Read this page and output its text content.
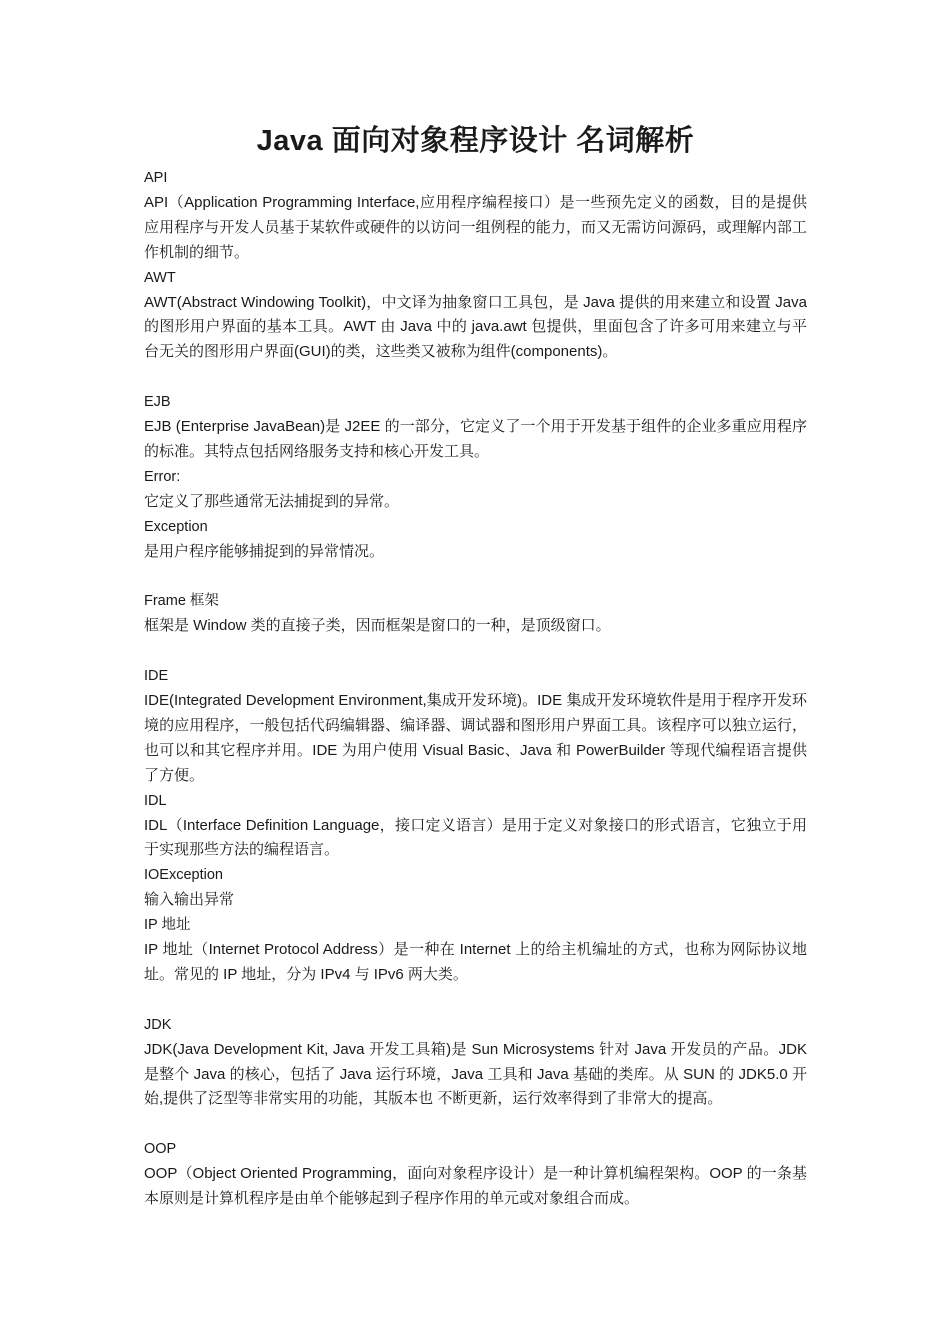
Java 面向对象程序设计 名词解析

API

API（Application Programming Interface,应用程序编程接口）是一些预先定义的函数，目的是提供应用程序与开发人员基于某软件或硬件的以访问一组例程的能力，而又无需访问源码，或理解内部工作机制的细节。

AWT

AWT(Abstract Windowing Toolkit)，中文译为抽象窗口工具包，是 Java 提供的用来建立和设置 Java 的图形用户界面的基本工具。AWT 由 Java 中的 java.awt 包提供，里面包含了许多可用来建立与平台无关的图形用户界面(GUI)的类，这些类又被称为组件(components)。

EJB

EJB (Enterprise JavaBean)是 J2EE 的一部分，它定义了一个用于开发基于组件的企业多重应用程序的标准。其特点包括网络服务支持和核心开发工具。

Error:

它定义了那些通常无法捕捉到的异常。

Exception

是用户程序能够捕捉到的异常情况。

Frame 框架

框架是 Window 类的直接子类，因而框架是窗口的一种，是顶级窗口。

IDE

IDE(Integrated Development Environment,集成开发环境)。IDE 集成开发环境软件是用于程序开发环境的应用程序，一般包括代码编辑器、编译器、调试器和图形用户界面工具。该程序可以独立运行，也可以和其它程序并用。IDE 为用户使用 Visual Basic、Java 和 PowerBuilder 等现代编程语言提供了方便。

IDL

IDL（Interface Definition Language，接口定义语言）是用于定义对象接口的形式语言，它独立于用于实现那些方法的编程语言。

IOException

输入输出异常

IP 地址

IP 地址（Internet Protocol Address）是一种在 Internet 上的给主机编址的方式，也称为网际协议地址。常见的 IP 地址，分为 IPv4 与 IPv6 两大类。

JDK

JDK(Java Development Kit, Java 开发工具箱)是 Sun Microsystems 针对 Java 开发员的产品。JDK 是整个 Java 的核心，包括了 Java 运行环境，Java 工具和 Java 基础的类库。从 SUN 的 JDK5.0 开始,提供了泛型等非常实用的功能，其版本也 不断更新，运行效率得到了非常大的提高。

OOP

OOP（Object Oriented Programming，面向对象程序设计）是一种计算机编程架构。OOP 的一条基本原则是计算机程序是由单个能够起到子程序作用的单元或对象组合而成。
